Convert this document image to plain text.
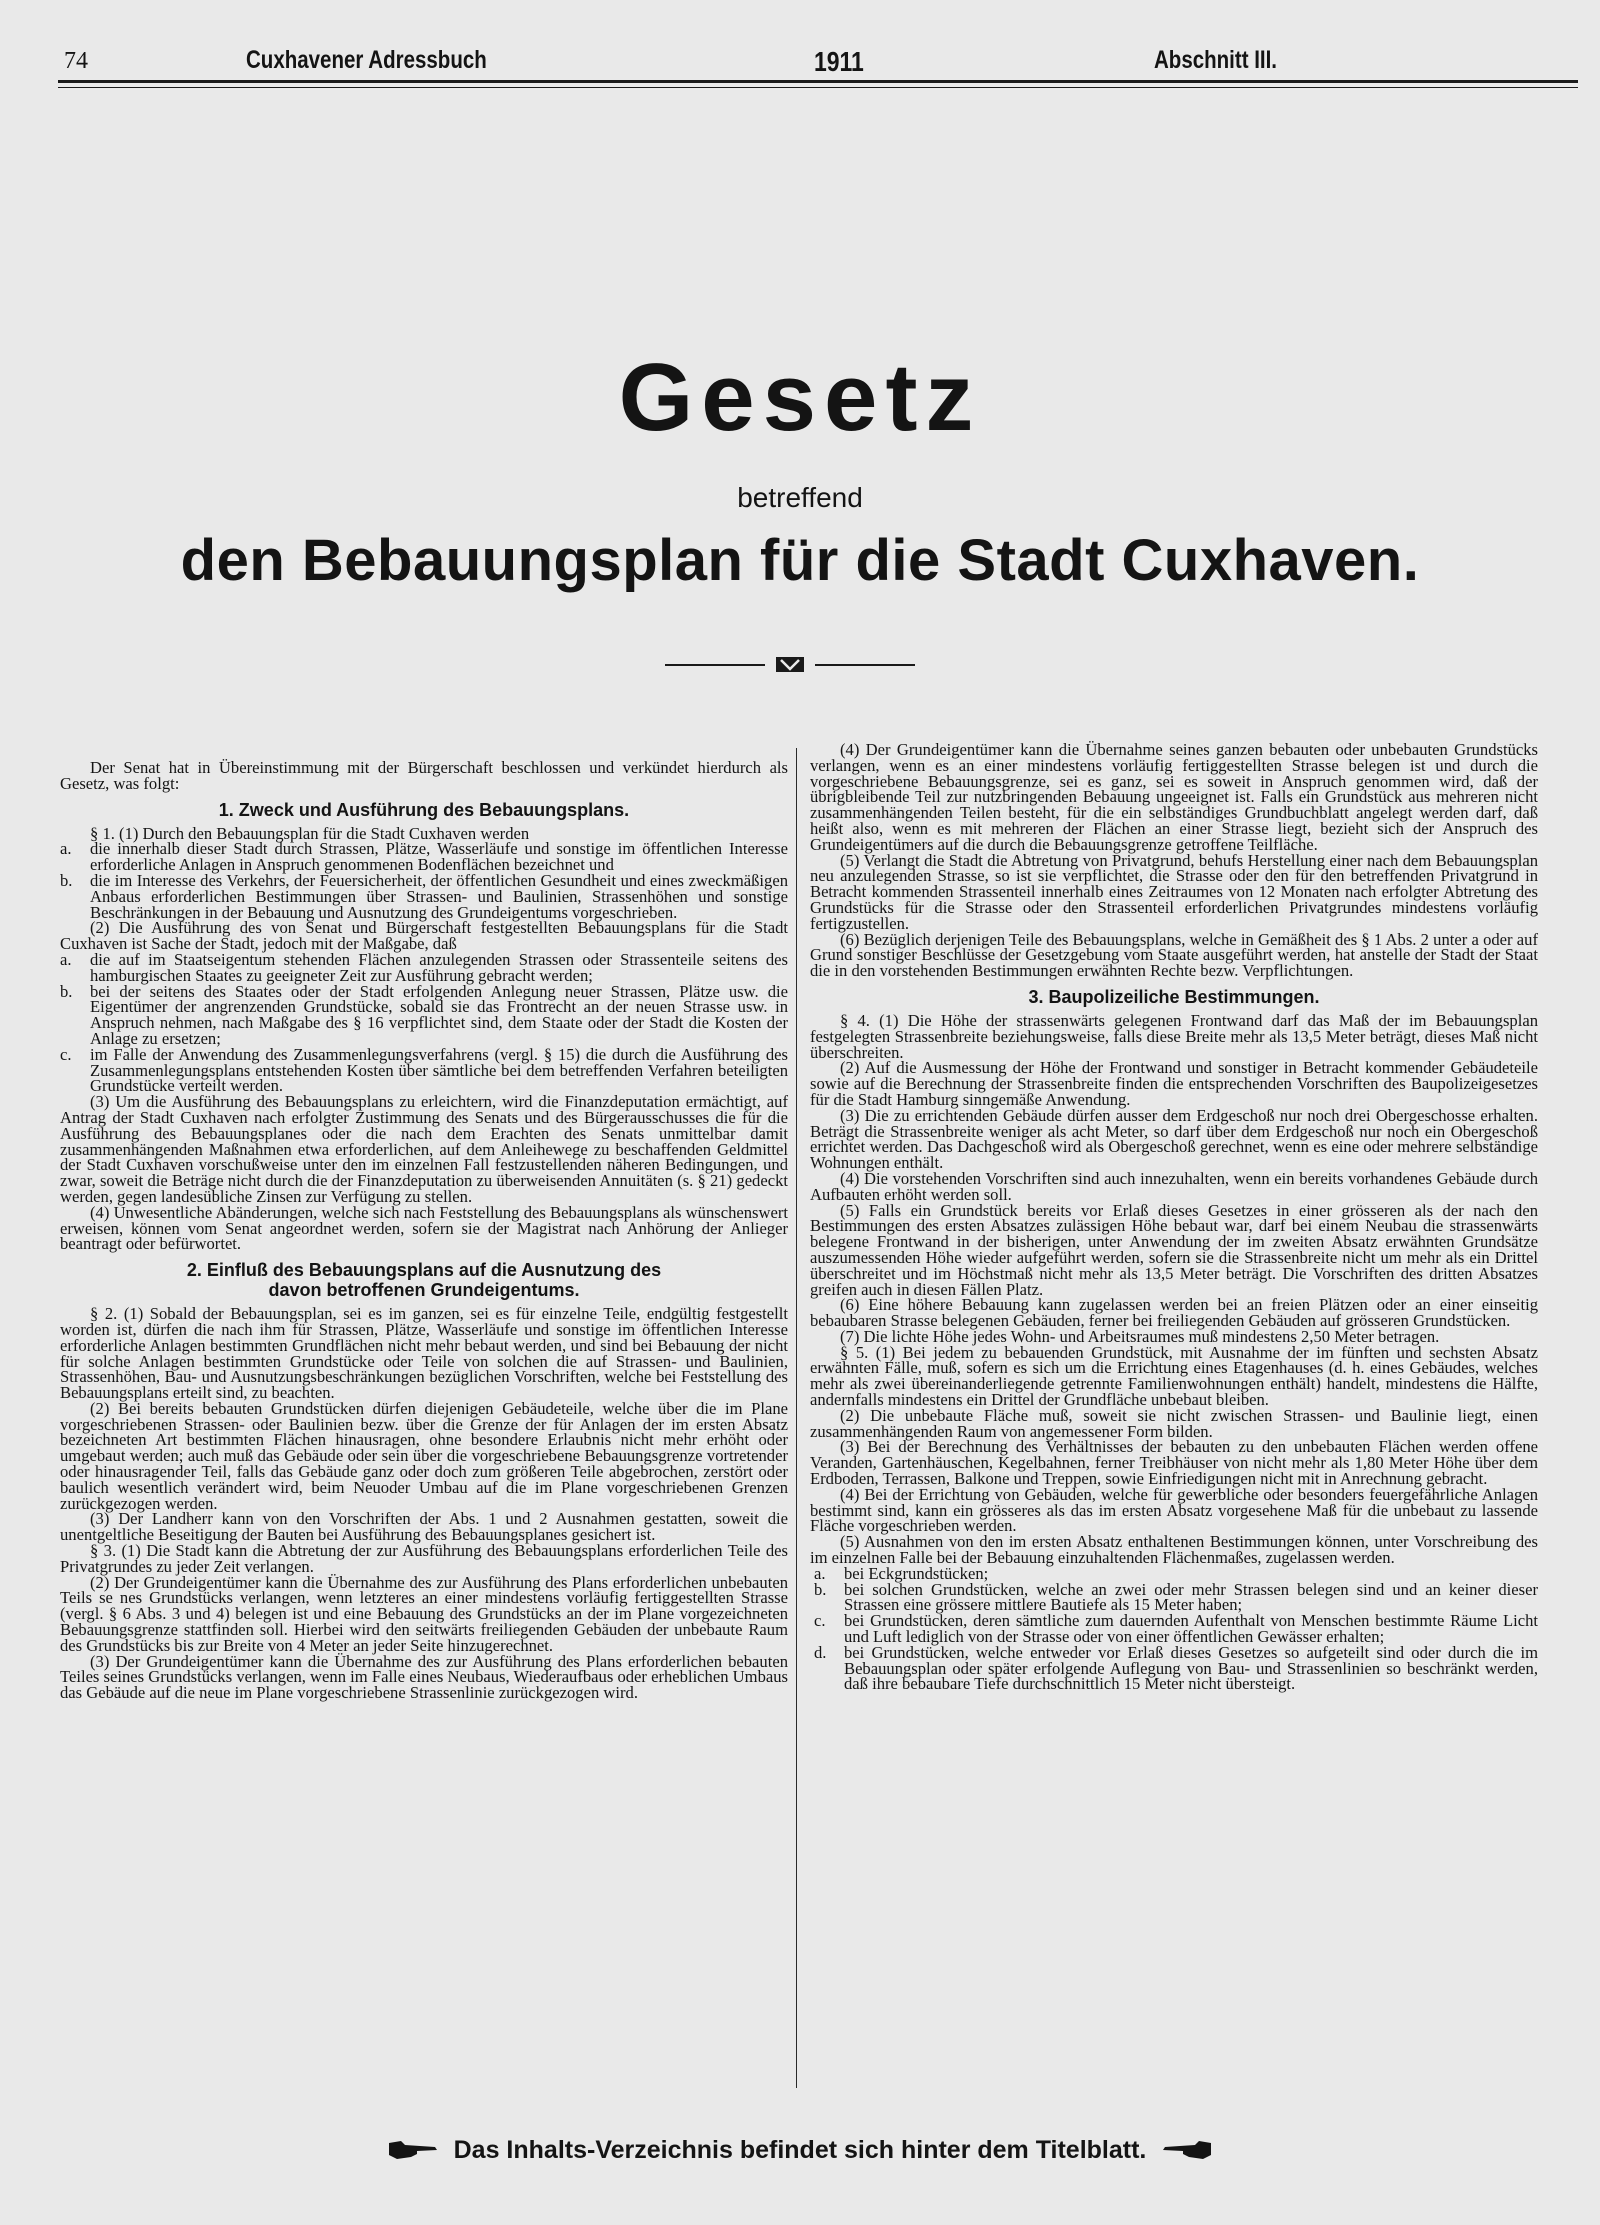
74	Cuxhavener Adressbuch	1911	Abschnitt III.
Gesetz
betreffend
den Bebauungsplan für die Stadt Cuxhaven.

Der Senat hat in Übereinstimmung mit der Bürgerschaft beschlossen und verkündet hierdurch als Gesetz, was folgt:

1. Zweck und Ausführung des Bebauungsplans.

§ 1. (1) Durch den Bebauungsplan für die Stadt Cuxhaven werden

a. die innerhalb dieser Stadt durch Strassen, Plätze, Wasserläufe und sonstige im öffentlichen Interesse erforderliche Anlagen in Anspruch genommenen Bodenflächen bezeichnet und
b. die im Interesse des Verkehrs, der Feuersicherheit, der öffentlichen Gesundheit und eines zweckmäßigen Anbaus erforderlichen Bestimmungen über Strassen- und Baulinien, Strassenhöhen und sonstige Beschränkungen in der Bebauung und Ausnutzung des Grundeigentums vorgeschrieben.

(2) Die Ausführung des von Senat und Bürgerschaft festgestellten Bebauungsplans für die Stadt Cuxhaven ist Sache der Stadt, jedoch mit der Maßgabe, daß

a. die auf im Staatseigentum stehenden Flächen anzulegenden Strassen oder Strassenteile seitens des hamburgischen Staates zu geeigneter Zeit zur Ausführung gebracht werden;
b. bei der seitens des Staates oder der Stadt erfolgenden Anlegung neuer Strassen, Plätze usw. die Eigentümer der angrenzenden Grundstücke, sobald sie das Frontrecht an der neuen Strasse usw. in Anspruch nehmen, nach Maßgabe des § 16 verpflichtet sind, dem Staate oder der Stadt die Kosten der Anlage zu ersetzen;
c. im Falle der Anwendung des Zusammenlegungsverfahrens (vergl. § 15) die durch die Ausführung des Zusammenlegungsplans entstehenden Kosten über sämtliche bei dem betreffenden Verfahren beteiligten Grundstücke verteilt werden.

(3) Um die Ausführung des Bebauungsplans zu erleichtern, wird die Finanzdeputation ermächtigt, auf Antrag der Stadt Cuxhaven nach erfolgter Zustimmung des Senats und des Bürgerausschusses die für die Ausführung des Bebauungsplanes oder die nach dem Erachten des Senats unmittelbar damit zusammenhängenden Maßnahmen etwa erforderlichen, auf dem Anleihewege zu beschaffenden Geldmittel der Stadt Cuxhaven vorschußweise unter den im einzelnen Fall festzustellenden näheren Bedingungen, und zwar, soweit die Beträge nicht durch die der Finanzdeputation zu überweisenden Annuitäten (s. § 21) gedeckt werden, gegen landesübliche Zinsen zur Verfügung zu stellen.

(4) Unwesentliche Abänderungen, welche sich nach Feststellung des Bebauungsplans als wünschenswert erweisen, können vom Senat angeordnet werden, sofern sie der Magistrat nach Anhörung der Anlieger beantragt oder befürwortet.

2. Einfluß des Bebauungsplans auf die Ausnutzung des
davon betroffenen Grundeigentums.

§ 2. (1) Sobald der Bebauungsplan, sei es im ganzen, sei es für einzelne Teile, endgültig festgestellt worden ist, dürfen die nach ihm für Strassen, Plätze, Wasserläufe und sonstige im öffentlichen Interesse erforderliche Anlagen bestimmten Grundflächen nicht mehr bebaut werden, und sind bei Bebauung der nicht für solche Anlagen bestimmten Grundstücke oder Teile von solchen die auf Strassen- und Baulinien, Strassenhöhen, Bau- und Ausnutzungsbeschränkungen bezüglichen Vorschriften, welche bei Feststellung des Bebauungsplans erteilt sind, zu beachten.

(2) Bei bereits bebauten Grundstücken dürfen diejenigen Gebäudeteile, welche über die im Plane vorgeschriebenen Strassen- oder Baulinien bezw. über die Grenze der für Anlagen der im ersten Absatz bezeichneten Art bestimmten Flächen hinausragen, ohne besondere Erlaubnis nicht mehr erhöht oder umgebaut werden; auch muß das Gebäude oder sein über die vorgeschriebene Bebauungsgrenze vortretender oder hinausragender Teil, falls das Gebäude ganz oder doch zum größeren Teile abgebrochen, zerstört oder baulich wesentlich verändert wird, beim Neuoder Umbau auf die im Plane vorgeschriebenen Grenzen zurückgezogen werden.

(3) Der Landherr kann von den Vorschriften der Abs. 1 und 2 Ausnahmen gestatten, soweit die unentgeltliche Beseitigung der Bauten bei Ausführung des Bebauungsplanes gesichert ist.

§ 3. (1) Die Stadt kann die Abtretung der zur Ausführung des Bebauungsplans erforderlichen Teile des Privatgrundes zu jeder Zeit verlangen.

(2) Der Grundeigentümer kann die Übernahme des zur Ausführung des Plans erforderlichen unbebauten Teils se nes Grundstücks verlangen, wenn letzteres an einer mindestens vorläufig fertiggestellten Strasse (vergl. § 6 Abs. 3 und 4) belegen ist und eine Bebauung des Grundstücks an der im Plane vorgezeichneten Bebauungsgrenze stattfinden soll. Hierbei wird den seitwärts freiliegenden Gebäuden der unbebaute Raum des Grundstücks bis zur Breite von 4 Meter an jeder Seite hinzugerechnet.

(3) Der Grundeigentümer kann die Übernahme des zur Ausführung des Plans erforderlichen bebauten Teiles seines Grundstücks verlangen, wenn im Falle eines Neubaus, Wiederaufbaus oder erheblichen Umbaus das Gebäude auf die neue im Plane vorgeschriebene Strassenlinie zurückgezogen wird.

(4) Der Grundeigentümer kann die Übernahme seines ganzen bebauten oder unbebauten Grundstücks verlangen, wenn es an einer mindestens vorläufig fertiggestellten Strasse belegen ist und durch die vorgeschriebene Bebauungsgrenze, sei es ganz, sei es soweit in Anspruch genommen wird, daß der übrigbleibende Teil zur nutzbringenden Bebauung ungeeignet ist. Falls ein Grundstück aus mehreren nicht zusammenhängenden Teilen besteht, für die ein selbständiges Grundbuchblatt angelegt werden darf, daß heißt also, wenn es mit mehreren der Flächen an einer Strasse liegt, bezieht sich der Anspruch des Grundeigentümers auf die durch die Bebauungsgrenze getroffene Teilfläche.

(5) Verlangt die Stadt die Abtretung von Privatgrund, behufs Herstellung einer nach dem Bebauungsplan neu anzulegenden Strasse, so ist sie verpflichtet, die Strasse oder den für den betreffenden Privatgrund in Betracht kommenden Strassenteil innerhalb eines Zeitraumes von 12 Monaten nach erfolgter Abtretung des Grundstücks für die Strasse oder den Strassenteil erforderlichen Privatgrundes mindestens vorläufig fertigzustellen.

(6) Bezüglich derjenigen Teile des Bebauungsplans, welche in Gemäßheit des § 1 Abs. 2 unter a oder auf Grund sonstiger Beschlüsse der Gesetzgebung vom Staate ausgeführt werden, hat anstelle der Stadt der Staat die in den vorstehenden Bestimmungen erwähnten Rechte bezw. Verpflichtungen.

3. Baupolizeiliche Bestimmungen.

§ 4. (1) Die Höhe der strassenwärts gelegenen Frontwand darf das Maß der im Bebauungsplan festgelegten Strassenbreite beziehungsweise, falls diese Breite mehr als 13,5 Meter beträgt, dieses Maß nicht überschreiten.

(2) Auf die Ausmessung der Höhe der Frontwand und sonstiger in Betracht kommender Gebäudeteile sowie auf die Berechnung der Strassenbreite finden die entsprechenden Vorschriften des Baupolizeigesetzes für die Stadt Hamburg sinngemäße Anwendung.

(3) Die zu errichtenden Gebäude dürfen ausser dem Erdgeschoß nur noch drei Obergeschosse erhalten. Beträgt die Strassenbreite weniger als acht Meter, so darf über dem Erdgeschoß nur noch ein Obergeschoß errichtet werden. Das Dachgeschoß wird als Obergeschoß gerechnet, wenn es eine oder mehrere selbständige Wohnungen enthält.

(4) Die vorstehenden Vorschriften sind auch innezuhalten, wenn ein bereits vorhandenes Gebäude durch Aufbauten erhöht werden soll.

(5) Falls ein Grundstück bereits vor Erlaß dieses Gesetzes in einer grösseren als der nach den Bestimmungen des ersten Absatzes zulässigen Höhe bebaut war, darf bei einem Neubau die strassenwärts belegene Frontwand in der bisherigen, unter Anwendung der im zweiten Absatz erwähnten Grundsätze auszumessenden Höhe wieder aufgeführt werden, sofern sie die Strassenbreite nicht um mehr als ein Drittel überschreitet und im Höchstmaß nicht mehr als 13,5 Meter beträgt. Die Vorschriften des dritten Absatzes greifen auch in diesen Fällen Platz.

(6) Eine höhere Bebauung kann zugelassen werden bei an freien Plätzen oder an einer einseitig bebaubaren Strasse belegenen Gebäuden, ferner bei freiliegenden Gebäuden auf grösseren Grundstücken.

(7) Die lichte Höhe jedes Wohn- und Arbeitsraumes muß mindestens 2,50 Meter betragen.

§ 5. (1) Bei jedem zu bebauenden Grundstück, mit Ausnahme der im fünften und sechsten Absatz erwähnten Fälle, muß, sofern es sich um die Errichtung eines Etagenhauses (d. h. eines Gebäudes, welches mehr als zwei übereinanderliegende getrennte Familienwohnungen enthält) handelt, mindestens die Hälfte, andernfalls mindestens ein Drittel der Grundfläche unbebaut bleiben.

(2) Die unbebaute Fläche muß, soweit sie nicht zwischen Strassen- und Baulinie liegt, einen zusammenhängenden Raum von angemessener Form bilden.

(3) Bei der Berechnung des Verhältnisses der bebauten zu den unbebauten Flächen werden offene Veranden, Gartenhäuschen, Kegelbahnen, ferner Treibhäuser von nicht mehr als 1,80 Meter Höhe über dem Erdboden, Terrassen, Balkone und Treppen, sowie Einfriedigungen nicht mit in Anrechnung gebracht.

(4) Bei der Errichtung von Gebäuden, welche für gewerbliche oder besonders feuergefährliche Anlagen bestimmt sind, kann ein grösseres als das im ersten Absatz vorgesehene Maß für die unbebaut zu lassende Fläche vorgeschrieben werden.

(5) Ausnahmen von den im ersten Absatz enthaltenen Bestimmungen können, unter Vorschreibung des im einzelnen Falle bei der Bebauung einzuhaltenden Flächenmaßes, zugelassen werden.

a. bei Eckgrundstücken;
b. bei solchen Grundstücken, welche an zwei oder mehr Strassen belegen sind und an keiner dieser Strassen eine grössere mittlere Bautiefe als 15 Meter haben;
c. bei Grundstücken, deren sämtliche zum dauernden Aufenthalt von Menschen bestimmte Räume Licht und Luft lediglich von der Strasse oder von einer öffentlichen Gewässer erhalten;
d. bei Grundstücken, welche entweder vor Erlaß dieses Gesetzes so aufgeteilt sind oder durch die im Bebauungsplan oder später erfolgende Auflegung von Bau- und Strassenlinien so beschränkt werden, daß ihre bebaubare Tiefe durchschnittlich 15 Meter nicht übersteigt.
Das Inhalts-Verzeichnis befindet sich hinter dem Titelblatt.
